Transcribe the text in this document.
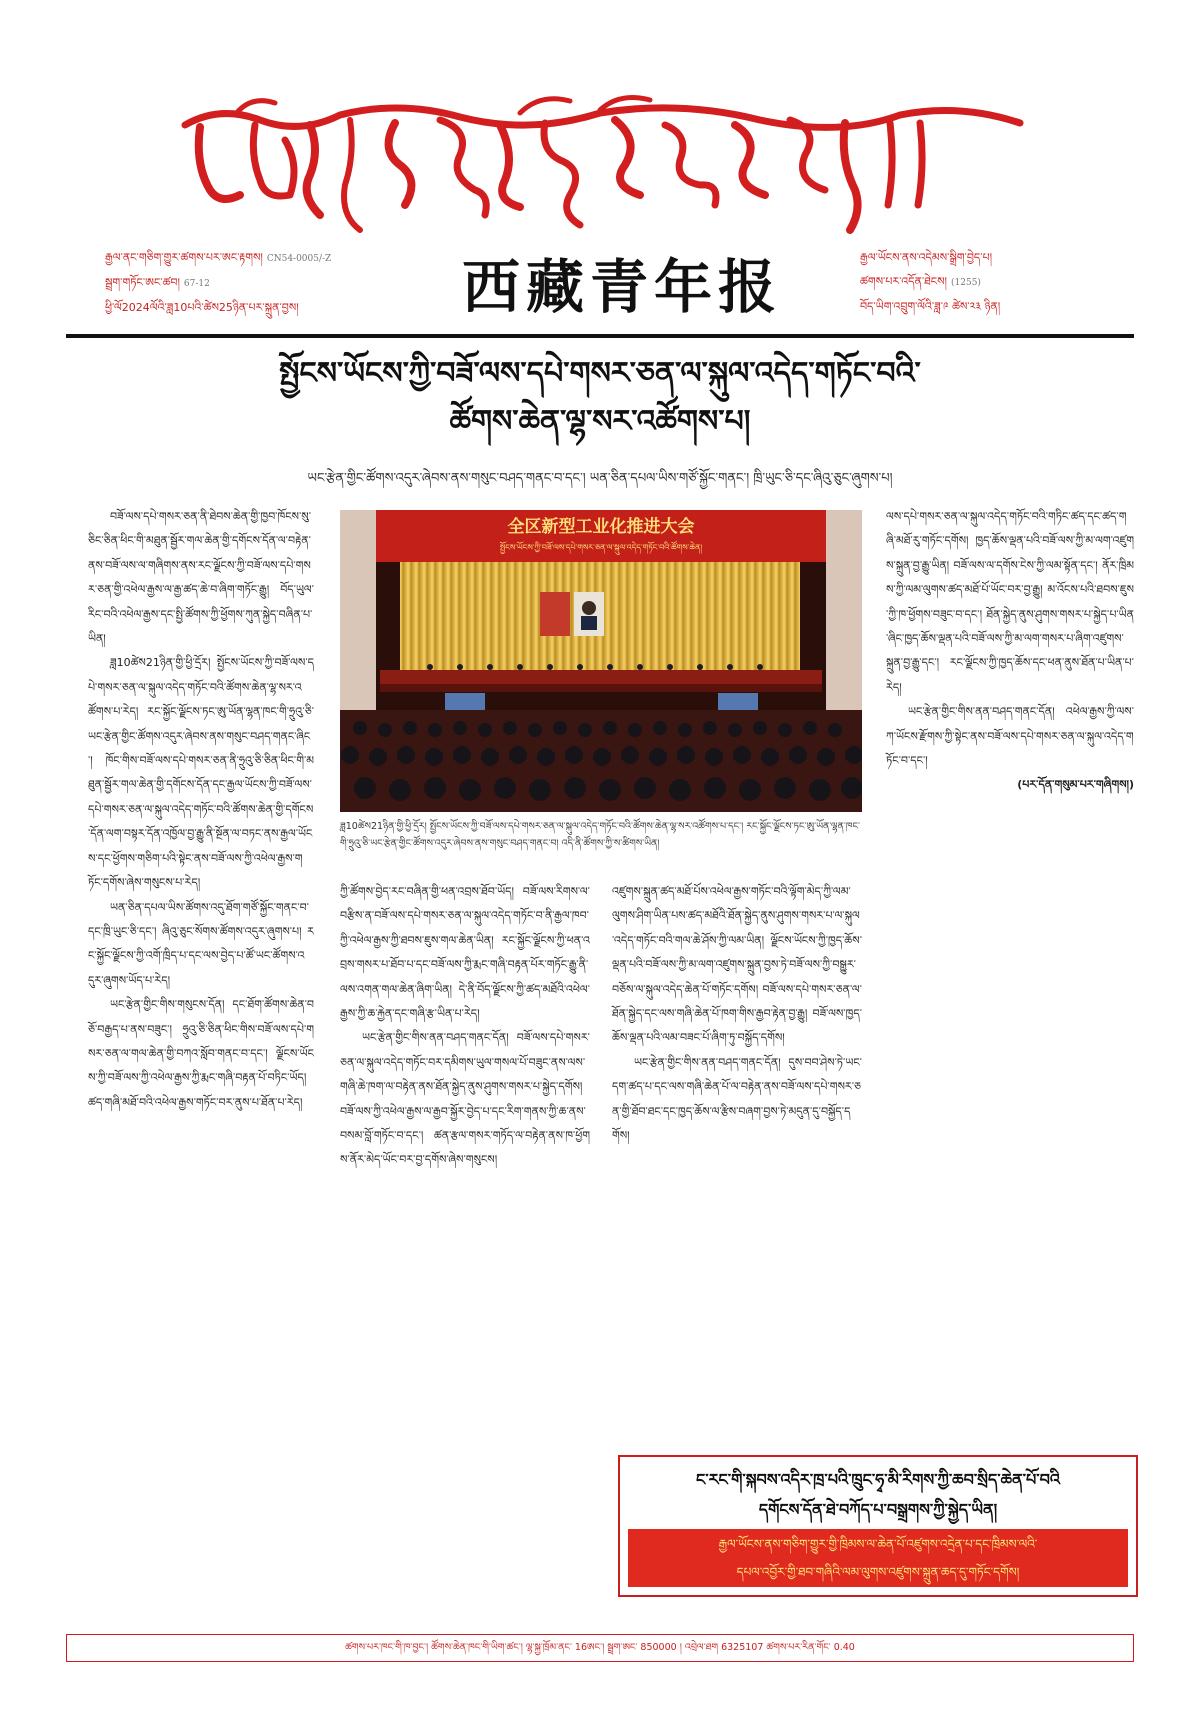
རྒྱལ་ནང་གཅིག་གྱུར་ཚགས་པར་ཨང་རྟགས། CN54-0005/-Z
སྦྲག་གཏོང་ཨང་ཚབ། 67-12
ཕྱི་ལོ2024ལོའི་ཟླ10པའི་ཚེས25ཉིན་པར་སྐྲུན་བྱས།	西藏青年报	རྒྱལ་ཡོངས་ནས་འདེམས་སྒྲིག་བྱེད་པ།
ཚགས་པར་འདོན་ཐེངས། (1255)
བོད་ཡིག་འབྲུག་ལོའི་ཟླ་༩ ཚེས་༢༣ ཉིན།
སྤྱོངས་ཡོངས་ཀྱི་བཟོ་ལས་དཔེ་གསར་ཅན་ལ་སྐུལ་འདེད་གཏོང་བའི་
ཚོགས་ཆེན་ལྷ་སར་འཚོགས་པ།
ཡང་རྩེན་གྱིང་ཚོགས་འདུར་ཞེབས་ནས་གསུང་བཤད་གནང་བ་དང་། ཡན་ཅིན་དཔལ་ཡིས་གཙོ་སྐྱོང་གནང་། ཁྲི་ཡུང་ཅི་དང་ཞིའུ་ཅུང་ཞུགས་པ།

བཟོ་ལས་དཔེ་གསར་ཅན་ནི་ཐེབས་ཆེན་གྱི་ཁྱབ་ཁོངས་སུ་ཅིང་ཅིན་ཕིང་གི་མཐུན་སྦྱོར་གལ་ཆེན་གྱི་དགོངས་དོན་ལ་བརྟེན་ནས་བཟོ་ལས་ལ་གཞིགས་ནས་རང་ལྗོངས་ཀྱི་བཟོ་ལས་དཔེ་གསར་ཅན་གྱི་འཕེལ་རྒྱས་ལ་རྒྱ་ཚད་ཆེ་བ་ཞིག་གཏོང་རྒྱུ། བོད་ཡུལ་རིང་བའི་འཕེལ་རྒྱས་དང་སྤྱི་ཚོགས་ཀྱི་ཕྱོགས་ཀུན་སྐྱེད་བཞིན་པ་ཡིན།

ཟླ10ཚེས21ཉིན་གྱི་ཕྱི་དྲོར། སྤྱོངས་ཡོངས་ཀྱི་བཟོ་ལས་དཔེ་གསར་ཅན་ལ་སྐུལ་འདེད་གཏོང་བའི་ཚོགས་ཆེན་ལྷ་སར་འཚོགས་པ་རེད། རང་སྐྱོང་ལྗོངས་ཏང་ཨུ་ཡོན་ལྷན་ཁང་གི་ཧྲུའུ་ཅི་ཡང་རྩེན་གྱིང་ཚོགས་འདུར་ཞེབས་ནས་གསུང་བཤད་གནང་ཞིང་། ཁོང་གིས་བཟོ་ལས་དཔེ་གསར་ཅན་ནི་ཧྲུའུ་ཅི་ཅིན་ཕིང་གི་མཐུན་སྦྱོར་གལ་ཆེན་གྱི་དགོངས་དོན་དང་རྒྱལ་ཡོངས་ཀྱི་བཟོ་ལས་དཔེ་གསར་ཅན་ལ་སྐུལ་འདེད་གཏོང་བའི་ཚོགས་ཆེན་གྱི་དགོངས་དོན་ལག་བསྟར་དོན་འཁྱོལ་བྱ་རྒྱུ་ནི་སྔོན་ལ་བཏང་ནས་རྒྱལ་ཡོངས་དང་ཕྱོགས་གཅིག་པའི་སྟེང་ནས་བཟོ་ལས་ཀྱི་འཕེལ་རྒྱས་གཏོང་དགོས་ཞེས་གསུངས་པ་རེད།

ཡན་ཅིན་དཔལ་ཡིས་ཚོགས་འདུ་ཐོག་གཙོ་སྐྱོང་གནང་བ་དང་ཁྲི་ཡུང་ཅི་དང་། ཞིའུ་ཅུང་སོགས་ཚོགས་འདུར་ཞུགས་པ། རང་སྐྱོང་ལྗོངས་ཀྱི་འགོ་ཁྲིད་པ་དང་ལས་བྱེད་པ་ཚོ་ཡང་ཚོགས་འདུར་ཞུགས་ཡོད་པ་རེད།

ཡང་རྩེན་གྱིང་གིས་གསུངས་དོན། དང་ཐོག་ཚོགས་ཆེན་བཅོ་བརྒྱད་པ་ནས་བཟུང་། ཧྲུའུ་ཅི་ཅིན་ཕིང་གིས་བཟོ་ལས་དཔེ་གསར་ཅན་ལ་གལ་ཆེན་གྱི་བཀའ་སློབ་གནང་བ་དང་། ལྗོངས་ཡོངས་ཀྱི་བཟོ་ལས་ཀྱི་འཕེལ་རྒྱས་ཀྱི་རྨང་གཞི་བརྟན་པོ་བཏིང་ཡོད། ཚད་གཞི་མཐོ་བའི་འཕེལ་རྒྱས་གཏོང་བར་ནུས་པ་ཐོན་པ་རེད།

全区新型工业化推进大会
སྤྱོངས་ཡོངས་ཀྱི་བཟོ་ལས་དཔེ་གསར་ཅན་ལ་སྐུལ་འདེད་གཏོང་བའི་ཚོགས་ཆེན།
ཟླ10ཚེས21ཉིན་གྱི་ཕྱི་དྲོར། སྤྱོངས་ཡོངས་ཀྱི་བཟོ་ལས་དཔེ་གསར་ཅན་ལ་སྐུལ་འདེད་གཏོང་བའི་ཚོགས་ཆེན་ལྷ་སར་འཚོགས་པ་དང་། རང་སྐྱོང་ལྗོངས་ཏང་ཨུ་ཡོན་ལྷན་ཁང་གི་ཧྲུའུ་ཅི་ཡང་རྩེན་གྱིང་ཚོགས་འདུར་ཞེབས་ནས་གསུང་བཤད་གནང་བ། འདི་ནི་ཚོགས་ཀྱི་ས་ཚིགས་ཡིན།

ཀྱི་ཚོགས་བྱེད་རང་བཞིན་གྱི་ཕན་འབྲས་ཐོབ་ཡོད། བཟོ་ལས་རིགས་ལ་བརྩིས་ན་བཟོ་ལས་དཔེ་གསར་ཅན་ལ་སྐུལ་འདེད་གཏོང་བ་ནི་རྒྱལ་ཁབ་ཀྱི་འཕེལ་རྒྱས་ཀྱི་ཐབས་ཇུས་གལ་ཆེན་ཡིན། རང་སྐྱོང་ལྗོངས་ཀྱི་ཕན་འབྲས་གསར་པ་ཐོབ་པ་དང་བཟོ་ལས་ཀྱི་རྨང་གཞི་བརྟན་པོར་གཏོང་རྒྱུ་ནི་ལས་འགན་གལ་ཆེན་ཞིག་ཡིན། དེ་ནི་བོད་ལྗོངས་ཀྱི་ཚད་མཐོའི་འཕེལ་རྒྱས་ཀྱི་ཆ་རྐྱེན་དང་གཞི་རྩ་ཡིན་པ་རེད།

ཡང་རྩེན་གྱིང་གིས་ནན་བཤད་གནང་དོན། བཟོ་ལས་དཔེ་གསར་ཅན་ལ་སྐུལ་འདེད་གཏོང་བར་དམིགས་ཡུལ་གསལ་པོ་བཟུང་ནས་ལས་གཞི་ཆེ་ཁག་ལ་བརྟེན་ནས་ཐོན་སྐྱེད་ནུས་ཤུགས་གསར་པ་སྐྱེད་དགོས། བཟོ་ལས་ཀྱི་འཕེལ་རྒྱས་ལ་རྒྱབ་སྐྱོར་བྱེད་པ་དང་རིག་གནས་ཀྱི་ཆ་ནས་བསམ་བློ་གཏོང་བ་དང་། ཚན་རྩལ་གསར་གཏོད་ལ་བརྟེན་ནས་ཁ་ཕྱོགས་ནོར་མེད་ཡོང་བར་བྱ་དགོས་ཞེས་གསུངས།

འཛུགས་སྐྲུན་ཚད་མཐོ་པོས་འཕེལ་རྒྱས་གཏོང་བའི་ལྟོག་མེད་ཀྱི་ལམ་ལུགས་ཤིག་ཡིན་པས་ཚད་མཐོའི་ཐོན་སྐྱེད་ནུས་ཤུགས་གསར་པ་ལ་སྐུལ་འདེད་གཏོང་བའི་གལ་ཆེ་ཤོས་ཀྱི་ལམ་ཡིན། ལྗོངས་ཡོངས་ཀྱི་ཁྱད་ཆོས་ལྡན་པའི་བཟོ་ལས་ཀྱི་མ་ལག་འཛུགས་སྐྲུན་བྱས་ཏེ་བཟོ་ལས་ཀྱི་བསྒྱུར་བཅོས་ལ་སྐུལ་འདེད་ཆེན་པོ་གཏོང་དགོས། བཟོ་ལས་དཔེ་གསར་ཅན་ལ་ཐོན་སྐྱེད་དང་ལས་གཞི་ཆེན་པོ་ཁག་གིས་རྒྱབ་རྟེན་བྱ་རྒྱུ། བཟོ་ལས་ཁྱད་ཆོས་ལྡན་པའི་ལམ་བཟང་པོ་ཞིག་ཏུ་བསྐྱོད་དགོས།

ཡང་རྩེན་གྱིང་གིས་ནན་བཤད་གནང་དོན། དུས་བབ་ཤེས་ཏེ་ཡང་དག་ཚད་པ་དང་ལས་གཞི་ཆེན་པོ་ལ་བརྟེན་ནས་བཟོ་ལས་དཔེ་གསར་ཅན་གྱི་ཐོབ་ཐང་དང་ཁྱད་ཆོས་ལ་རྩིས་བཞག་བྱས་ཏེ་མདུན་དུ་བསྐྱོད་དགོས།

ལས་དཔེ་གསར་ཅན་ལ་སྐུལ་འདེད་གཏོང་བའི་གཏིང་ཚད་དང་ཚད་གཞི་མཐོ་རུ་གཏོང་དགོས། ཁྱད་ཆོས་ལྡན་པའི་བཟོ་ལས་ཀྱི་མ་ལག་འཛུགས་སྐྲུན་བྱ་རྒྱུ་ཡིན། བཟོ་ལས་ལ་དགོས་ངེས་ཀྱི་ལམ་སྟོན་དང་། ནོར་ཁྲིམས་ཀྱི་ལམ་ལུགས་ཚད་མཐོ་པོ་ཡོང་བར་བྱ་རྒྱུ། མ་འོངས་པའི་ཐབས་ཇུས་ཀྱི་ཁ་ཕྱོགས་བཟུང་བ་དང་། ཐོན་སྐྱེད་ནུས་ཤུགས་གསར་པ་སྐྱེད་པ་ཡིན་ཞིང་ཁྱད་ཆོས་ལྡན་པའི་བཟོ་ལས་ཀྱི་མ་ལག་གསར་པ་ཞིག་འཛུགས་སྐྲུན་བྱ་རྒྱུ་དང་། རང་ལྗོངས་ཀྱི་ཁྱད་ཆོས་དང་ཕན་ནུས་ཐོན་པ་ཡིན་པ་རེད།

ཡང་རྩེན་གྱིང་གིས་ནན་བཤད་གནང་དོན། འཕེལ་རྒྱས་ཀྱི་ལས་ཀ་ཡོངས་རྫོགས་ཀྱི་སྟེང་ནས་བཟོ་ལས་དཔེ་གསར་ཅན་ལ་སྐུལ་འདེད་གཏོང་བ་དང་།

(པར་དོན་གསུམ་པར་གཞིགས།)

ང་རང་གི་སྐབས་འདིར་ཁྲ་པའི་ཁྲུང་ཧྭ་མི་རིགས་ཀྱི་ཆབ་སྲིད་ཆེན་པོ་བའི
དགོངས་དོན་ཐེ་བཀོད་པ་བསྒྲགས་ཀྱི་སྐྱེད་ཡིན།
རྒྱལ་ཡོངས་ནས་གཅིག་གྱུར་གྱི་ཁྲིམས་ལ་ཆེན་པོ་འཛུགས་འདྲེན་པ་དང་ཁྲིམས་ལའི་
དཔལ་འབྱོར་གྱི་ཐབ་གཞིའི་ལམ་ལུགས་འཛུགས་སྐྲུན་ཆད་དུ་གཏོང་དགོས།
ཚགས་པར་ཁང་གི་ཁ་བྱང་། ཚོགས་ཆེན་ཁང་གི་ཡིག་ཚང་། ལྷ་སྐྱ་ཁྲོམ་ནང་ 16ཨང་། སྦྲག་ཨང་ 850000 ། འབྲེལ་ཐག 6325107 ཚགས་པར་རིན་གོང་ 0.40
